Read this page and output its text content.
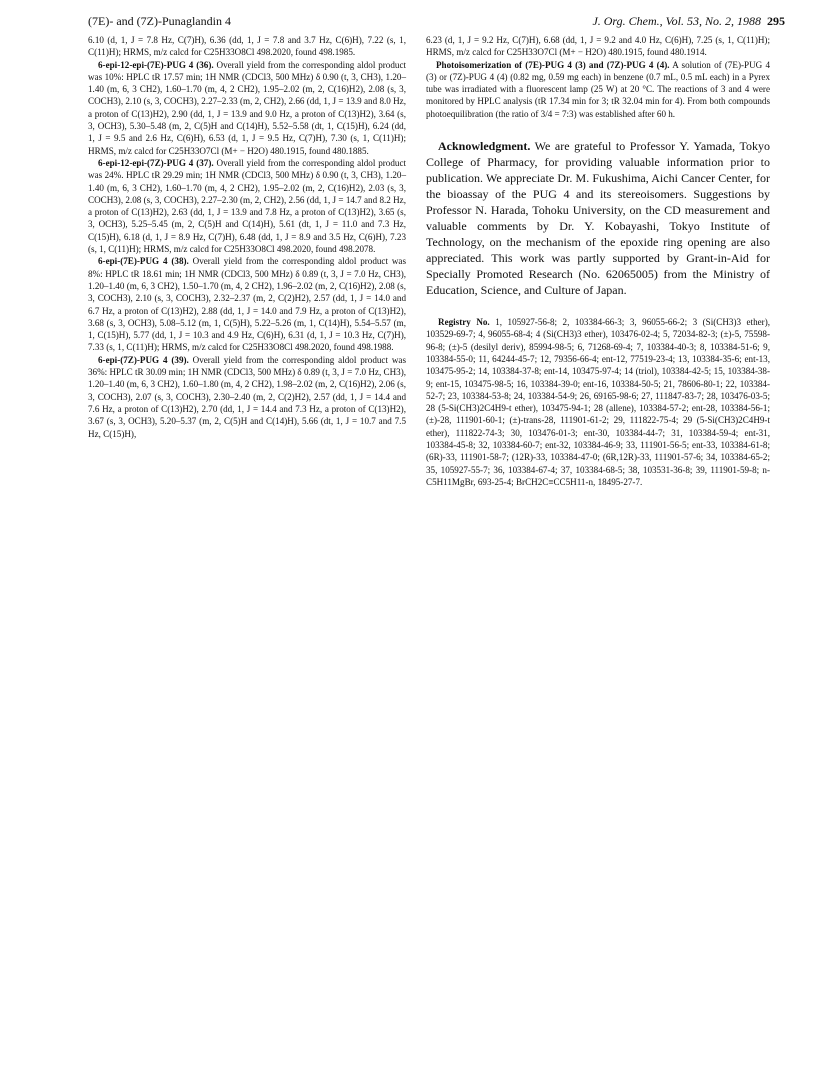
(7E)- and (7Z)-Punaglandin 4	J. Org. Chem., Vol. 53, No. 2, 1988 295

6.10 (d, 1, J = 7.8 Hz, C(7)H), 6.36 (dd, 1, J = 7.8 and 3.7 Hz, C(6)H), 7.22 (s, 1, C(11)H); HRMS, m/z calcd for C25H33O8Cl 498.2020, found 498.1985.

6-epi-12-epi-(7E)-PUG 4 (36). Overall yield from the corresponding aldol product was 10%: HPLC tR 17.57 min; 1H NMR (CDCl3, 500 MHz) δ 0.90 (t, 3, CH3), 1.20–1.40 (m, 6, 3 CH2), 1.60–1.70 (m, 4, 2 CH2), 1.95–2.02 (m, 2, C(16)H2), 2.08 (s, 3, COCH3), 2.10 (s, 3, COCH3), 2.27–2.33 (m, 2, CH2), 2.66 (dd, 1, J = 13.9 and 8.0 Hz, a proton of C(13)H2), 2.90 (dd, 1, J = 13.9 and 9.0 Hz, a proton of C(13)H2), 3.64 (s, 3, OCH3), 5.30–5.48 (m, 2, C(5)H and C(14)H), 5.52–5.58 (dt, 1, C(15)H), 6.24 (dd, 1, J = 9.5 and 2.6 Hz, C(6)H), 6.53 (d, 1, J = 9.5 Hz, C(7)H), 7.30 (s, 1, C(11)H); HRMS, m/z calcd for C25H33O7Cl (M+ − H2O) 480.1915, found 480.1885.

6-epi-12-epi-(7Z)-PUG 4 (37). Overall yield from the corresponding aldol product was 24%. HPLC tR 29.29 min; 1H NMR (CDCl3, 500 MHz) δ 0.90 (t, 3, CH3), 1.20–1.40 (m, 6, 3 CH2), 1.60–1.70 (m, 4, 2 CH2), 1.95–2.02 (m, 2, C(16)H2), 2.03 (s, 3, COCH3), 2.08 (s, 3, COCH3), 2.27–2.30 (m, 2, CH2), 2.56 (dd, 1, J = 14.7 and 8.2 Hz, a proton of C(13)H2), 2.63 (dd, 1, J = 13.9 and 7.8 Hz, a proton of C(13)H2), 3.65 (s, 3, OCH3), 5.25–5.45 (m, 2, C(5)H and C(14)H), 5.61 (dt, 1, J = 11.0 and 7.3 Hz, C(15)H), 6.18 (d, 1, J = 8.9 Hz, C(7)H), 6.48 (dd, 1, J = 8.9 and 3.5 Hz, C(6)H), 7.23 (s, 1, C(11)H); HRMS, m/z calcd for C25H33O8Cl 498.2020, found 498.2078.

6-epi-(7E)-PUG 4 (38). Overall yield from the corresponding aldol product was 8%: HPLC tR 18.61 min; 1H NMR (CDCl3, 500 MHz) δ 0.89 (t, 3, J = 7.0 Hz, CH3), 1.20–1.40 (m, 6, 3 CH2), 1.50–1.70 (m, 4, 2 CH2), 1.96–2.02 (m, 2, C(16)H2), 2.08 (s, 3, COCH3), 2.10 (s, 3, COCH3), 2.32–2.37 (m, 2, C(2)H2), 2.57 (dd, 1, J = 14.0 and 6.7 Hz, a proton of C(13)H2), 2.88 (dd, 1, J = 14.0 and 7.9 Hz, a proton of C(13)H2), 3.68 (s, 3, OCH3), 5.08–5.12 (m, 1, C(5)H), 5.22–5.26 (m, 1, C(14)H), 5.54–5.57 (m, 1, C(15)H), 5.77 (dd, 1, J = 10.3 and 4.9 Hz, C(6)H), 6.31 (d, 1, J = 10.3 Hz, C(7)H), 7.33 (s, 1, C(11)H); HRMS, m/z calcd for C25H33O8Cl 498.2020, found 498.1988.

6-epi-(7Z)-PUG 4 (39). Overall yield from the corresponding aldol product was 36%: HPLC tR 30.09 min; 1H NMR (CDCl3, 500 MHz) δ 0.89 (t, 3, J = 7.0 Hz, CH3), 1.20–1.40 (m, 6, 3 CH2), 1.60–1.80 (m, 4, 2 CH2), 1.98–2.02 (m, 2, C(16)H2), 2.06 (s, 3, COCH3), 2.07 (s, 3, COCH3), 2.30–2.40 (m, 2, C(2)H2), 2.57 (dd, 1, J = 14.4 and 7.6 Hz, a proton of C(13)H2), 2.70 (dd, 1, J = 14.4 and 7.3 Hz, a proton of C(13)H2), 3.67 (s, 3, OCH3), 5.20–5.37 (m, 2, C(5)H and C(14)H), 5.66 (dt, 1, J = 10.7 and 7.5 Hz, C(15)H),

6.23 (d, 1, J = 9.2 Hz, C(7)H), 6.68 (dd, 1, J = 9.2 and 4.0 Hz, C(6)H), 7.25 (s, 1, C(11)H); HRMS, m/z calcd for C25H33O7Cl (M+ − H2O) 480.1915, found 480.1914.

Photoisomerization of (7E)-PUG 4 (3) and (7Z)-PUG 4 (4). A solution of (7E)-PUG 4 (3) or (7Z)-PUG 4 (4) (0.82 mg, 0.59 mg each) in benzene (0.7 mL, 0.5 mL each) in a Pyrex tube was irradiated with a fluorescent lamp (25 W) at 20 °C. The reactions of 3 and 4 were monitored by HPLC analysis (tR 17.34 min for 3; tR 32.04 min for 4). From both compounds photoequilibration (the ratio of 3/4 = 7:3) was established after 60 h.

Acknowledgment. We are grateful to Professor Y. Yamada, Tokyo College of Pharmacy, for providing valuable information prior to publication. We appreciate Dr. M. Fukushima, Aichi Cancer Center, for the bioassay of the PUG 4 and its stereoisomers. Suggestions by Professor N. Harada, Tohoku University, on the CD measurement and valuable comments by Dr. Y. Kobayashi, Tokyo Institute of Technology, on the mechanism of the epoxide ring opening are also appreciated. This work was partly supported by Grant-in-Aid for Specially Promoted Research (No. 62065005) from the Ministry of Education, Science, and Culture of Japan.

Registry No. 1, 105927-56-8; 2, 103384-66-3; 3, 96055-66-2; 3 (Si(CH3)3 ether), 103529-69-7; 4, 96055-68-4; 4 (Si(CH3)3 ether), 103476-02-4; 5, 72034-82-3; (±)-5, 75598-96-8; (±)-5 (desilyl deriv), 85994-98-5; 6, 71268-69-4; 7, 103384-40-3; 8, 103384-51-6; 9, 103384-55-0; 11, 64244-45-7; 12, 79356-66-4; ent-12, 77519-23-4; 13, 103384-35-6; ent-13, 103475-95-2; 14, 103384-37-8; ent-14, 103475-97-4; 14 (triol), 103384-42-5; 15, 103384-38-9; ent-15, 103475-98-5; 16, 103384-39-0; ent-16, 103384-50-5; 21, 78606-80-1; 22, 103384-52-7; 23, 103384-53-8; 24, 103384-54-9; 26, 69165-98-6; 27, 111847-83-7; 28, 103476-03-5; 28 (5-Si(CH3)2C4H9-t ether), 103475-94-1; 28 (allene), 103384-57-2; ent-28, 103384-56-1; (±)-28, 111901-60-1; (±)-trans-28, 111901-61-2; 29, 111822-75-4; 29 (5-Si(CH3)2C4H9-t ether), 111822-74-3; 30, 103476-01-3; ent-30, 103384-44-7; 31, 103384-59-4; ent-31, 103384-45-8; 32, 103384-60-7; ent-32, 103384-46-9; 33, 111901-56-5; ent-33, 103384-61-8; (6R)-33, 111901-58-7; (12R)-33, 103384-47-0; (6R,12R)-33, 111901-57-6; 34, 103384-65-2; 35, 105927-55-7; 36, 103384-67-4; 37, 103384-68-5; 38, 103531-36-8; 39, 111901-59-8; n-C5H11MgBr, 693-25-4; BrCH2C≡CC5H11-n, 18495-27-7.
